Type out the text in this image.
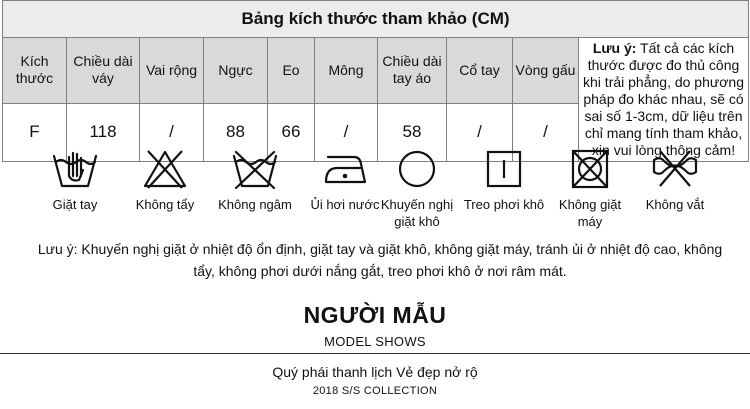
Bảng kích thước tham khảo (CM)									
Kích thước	Chiều dài váy	Vai rộng	Ngực	Eo	Mông	Chiều dài tay áo	Cổ tay	Vòng gấu	Lưu ý: Tất cả các kích thước được đo thủ công khi trải phẳng, do phương pháp đo khác nhau, sẽ có sai số 1-3cm, dữ liệu trên chỉ mang tính tham khảo, xin vui lòng thông cảm!
F	118	/	88	66	/	58	/	/	
Giặt tay	Không tẩy	Không ngâm	Ủi hơi nước Khuyến nghị giặt khô
Treo phơi khô	Không giặt máy
Không vắt
Lưu ý: Khuyến nghị giặt ở nhiệt độ ổn định, giặt tay và giặt khô, không giặt máy, tránh ủi ở nhiệt độ cao, không tẩy, không phơi dưới nắng gắt, treo phơi khô ở nơi râm mát.
NGƯỜI MẪU
MODEL SHOWS
Quý phái thanh lịch Vẻ đẹp nở rộ
2018 S/S COLLECTION
